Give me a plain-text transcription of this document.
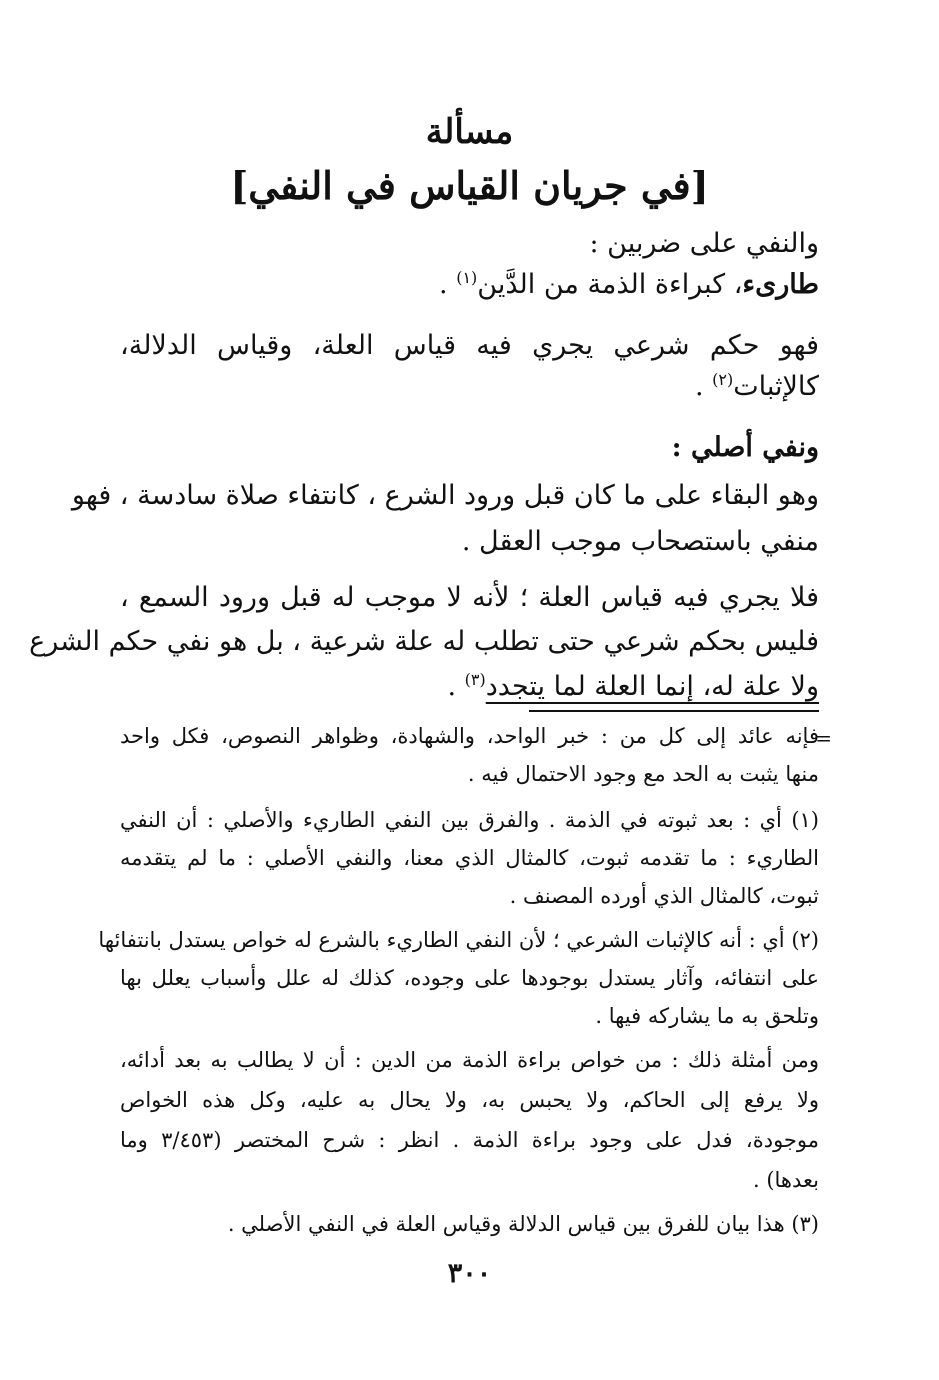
مسألة
[في جريان القياس في النفي]

والنفي على ضربين :

طارىء، كبراءة الذمة من الدَّين$^{(١)}$ .

فهو حكم شرعي يجري فيه قياس العلة، وقياس الدلالة،

كالإثبات$^{(٢)}$ .

ونفي أصلي :

وهو البقاء على ما كان قبل ورود الشرع ، كانتفاء صلاة سادسة ، فهو

منفي باستصحاب موجب العقل .

فلا يجري فيه قياس العلة ؛ لأنه لا موجب له قبل ورود السمع ،

فليس بحكم شرعي حتى تطلب له علة شرعية ، بل هو نفي حكم الشرع

ولا علة له، إنما العلة لما يتجدد$^{(٣)}$ .

=

فإنه عائد إلى كل من : خبر الواحد، والشهادة، وظواهر النصوص، فكل واحد

منها يثبت به الحد مع وجود الاحتمال فيه .

(١) أي : بعد ثبوته في الذمة . والفرق بين النفي الطاريء والأصلي : أن النفي

الطاريء : ما تقدمه ثبوت، كالمثال الذي معنا، والنفي الأصلي : ما لم يتقدمه

ثبوت، كالمثال الذي أورده المصنف .

(٢) أي : أنه كالإثبات الشرعي ؛ لأن النفي الطاريء بالشرع له خواص يستدل بانتفائها

على انتفائه، وآثار يستدل بوجودها على وجوده، كذلك له علل وأسباب يعلل بها

وتلحق به ما يشاركه فيها .

ومن أمثلة ذلك : من خواص براءة الذمة من الدين : أن لا يطالب به بعد أدائه،

ولا يرفع إلى الحاكم، ولا يحبس به، ولا يحال به عليه، وكل هذه الخواص

موجودة، فدل على وجود براءة الذمة . انظر : شرح المختصر (٣/٤٥٣ وما

بعدها) .

(٣) هذا بيان للفرق بين قياس الدلالة وقياس العلة في النفي الأصلي .

٣٠٠
